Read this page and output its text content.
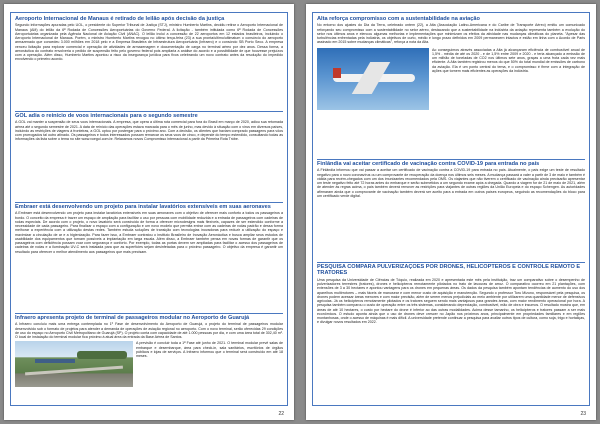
Aeroporto Internacional de Manaus é retirado de leilão após decisão da justiça

Segundo informações apuradas pelo UOL, o presidente do Superior Tribunal de Justiça (STJ), ministro Humberto Martins, decidiu retirar o Aeroporto Internacional de Manaus (AM) do leilão da 6ª Rodada de Concessões Aeroportuárias do Governo Federal. A licitação - também intitulada como 6ª Rodada de Concessões Aeroportuárias organizada pela Agência Nacional de Aviação Civil (ANAC). O leilão inclui a concessão de 22 aeroportos em 12 estados brasileiros, incluindo o Aeroporto Internacional de Manaus. Porém, o ministro Humberto Martins revogou no último terça-feira (23) a sua pronta/ultimo/ultimatum o consórcio do aeroporto armazenado que concedeu 3.000 milhões em 2018 pelo e a Empresa Brasileira de Infraestrutura Aeroportuária (Infraero) e o consórcio SB Porto Seco. A empresa venceu licitação para explorar comercial e operação de atividades de armazenagem e documentação de carga no terminal aéreo por dez anos. Dessa forma, a aeronáutica do contrato envolveria o pedido de suspensão feito pelo governo federal pois ampliaria a análise do acordo e a possibilidade de que houvesse prejuízos com a operação. Além disso, Humberto Martins apontou a risco da insegurança jurídica para fixos celebrando um novo contrato antes da resolução do impedido envolvendo o primeiro acordo.

GOL adia o reinício de voos internacionais para o segundo semestre

A GOL vai manter a suspensão de seus voos internacionais. A empresa, que opera a última rota comercial para fora do Brasil em março de 2020, adiou sua retomada aérea até o segundo semestre de 2021. A data de reinício das operações estava marcada para o mês de junho, mas devido à situação com o vírus em diversos países, incluindo as restrições de viagens à fronteiras, a GOL optou por postergar para o próximo ano. Com a decisão, os clientes que haviam comprado passagens para vôos com prorrogados tal outro atinado. Os passageiros e todos interessados possam remarcar os seus voos de cinco, e depende do tempo estendido, consultando todas as informações da lista sobre o tema no site www.voegol.com.br. Relaxamos novos Compromisso internacional a partir da Primeira Rota Tróbe.

Embraer está desenvolvendo um projeto para instalar lavatórios extensíveis em suas aeronaves

A Embraer está desenvolvendo um projeto para instalar lavatórios extensíveis em suas aeronaves com o objetivo de oferecer mais conforto a todos os passageiros a bordo. O conceito da empresa é trazer um espaço de ampliação para facilitar o uso por pessoas com mobilidade reduzida e a entrada de passageiros com cadeiras de rodas especiais. De acordo com o projeto, o novo lavatório será construído de forma a oferecer microdesigns mais flexíveis, capazes de ser estendido conforme a necessidade de cada passageiro. Para finalizar o espaço com a configuração e um novo modelo que permita entrar com as cadeiras de rodas padrão e dessa forma melhorar a experiência com a utilização destas redes. Também estuda soluções de transição com tecnologias inovadoras para reduzir a utilização do espaço e maximizar a circulação de ar e a higienização. Para fazer isso, a Embraer contratou o instituto Brasileiro de Inovação Aeronáutica e busca ampliar seus estudos de usabilidade dos equipamentos que tornam possíveis a implantação em larga escala. Além disso, a Embraer também pensa em novas formas de garantir que os passageiros com deficiência possam voar com segurança e conforto. Por exemplo, todas as portas devem ser ampliadas para facilitar o acesso dos passageiros de cadeiras de rodas e a iluminação UV-C será instalada para que as superfícies sejam desinfetadas para o próximo passageiro. O objetivo da empresa é garantir um resultado para oferecer o melhor atendimento aos passageiros que mais precisam.

Infraero apresenta projeto de terminal de passageiros modular no Aeroporto de Guarujá

A Infraero concluiu mais uma entrega contemplada no 1º Fase de desenvolvimento do Aeroporto de Guarujá, o projeto do terminal de passageiros modular desenvolvido sob o formato de projetos para atender a demanda de operações de aviação regional no aeroporto. Com o novo terminal, serão oferecidas 29 condições de uso do espaço no Aeroporto Civil Metropolitano de Guarujá (SP). O projeto conta com capacidade de até 1.000 pessoas por dia, e com uma área total de 302,40 m². O local de instalação do terminal modular fica próximo à atual área da entrada da Base Aérea de Santos.

A previsão é concluir toda a 1ª Fase até junho de 2021. O terminal modular prevê salas de embarque e desembarque, área para check-in, sala sanitários, escritórios de órgãos públicos e lojas de serviços. A Infraero informou que o terminal será construído em até 18 meses.

22

Alta reforça compromisso com a sustentabilidade na aviação

No entorno dos ajustes do Dia da Terra, celebrado ontem (22), a Alta (Associação Latino-Americana e do Caribe de Transporte Aéreo) emitiu um comunicado reforçando seu compromisso com a sustentabilidade no setor aéreo, destacando que a sustentabilidade na indústria da aviação representa também a evolução do setor nos últimos anos e elencou algumas melhorias e implementações que minimizam os efeitos da atividade nas mudanças climáticas do planeta. "Apesar das turbulências enfrentadas pela indústria, os objetivos de curto, médio e longo prazo definidos em 2009 permanecem intactos e estão em linha com o Acordo de Paris assinado em 2015 sobre mudanças climáticas", reforça a nota da Alta.

Ao conseguimos através associadas a Alta já alcançaram eficiência de combustível anual de 1,5% - média de até os 2020 - e de 1,5% entre 2009 e 2020 - e teria alcançado a emissão de um milhão de toneladas de CO2 nos últimos sete anos, graças a uma frota cada vez mais eficiente. A Alta também registrou menos do que 50% do total mundial de emissões de carbono da aviação. Ela é um ponto central do tema, e o compromisso é firme com a integração de ações que tornem mais eficientes as operações da indústria.

Finlândia vai aceitar certificado de vacinação contra COVID-19 para entrada no país

A Finlândia informou que vai passar a aceitar um certificado de vacinação contra a COVID-19 para entrada no país. Atualmente, o país exige um teste de resultado negativo para o novo coronavírus ou um comprovante de recuperação da doença nos últimos seis meses. A mudança passará a valer a partir de 3 de maio e também é válida para recém-chegados com um dos imunizantes recomendados pela OMS. Os viajantes que não tiverem o certificado de vacinação ainda precisarão apresentar um teste negativo feito até 72 horas antes do embarque e serão submetidos a um segundo exame após a chegada. Quando a viagem for de 21 de maio de 2021, além de atender às regras acima, o país também deverá remover as restrições para viajantes de outras regiões da União Europeia e do espaço Schengen. As autoridades afirmaram ainda que o comprovante de vacinação também deverá ser aceito para a entrada em outros países europeus, seguindo as recomendações do bloco para um certificado verde digital.

PESQUISA COMPARA PULVERIZAÇÕES POR DRONES, HELICÓPTEROS E CONTROLE REMOTO E TRATORES

Uma pesquisa da Universidade de Ciências de Tóquio, realizada em 2020 e apresentada este mês pela instituição, traz um comparativo sobre o desempenho de pulverizadores terrestres (tratores), drones e helicópteros remotamente pilotados no trato de lavouras de arroz. O comparativo ocorreu em 21 plantações, com extensões de 3 a 30 hectares e apontou vantagens para os drones em pequenas áreas. Os dados da pesquisa também apontam tendências de aumento do uso dos aparelhos multirrotores – mais fáceis de manusear e com menor custo de aquisição e manutenção. Segundo o professor Toru Mizuno, responsável pela pesquisa, os drones podem acessar áreas menores e com maior precisão, além de serem menos prejudiciais ao meio ambiente por utilizarem uma quantidade menor de defensivos agrícolas. Já os helicópteros remotamente pilotados e os tratores seguem sendo mais vantajosos para grandes áreas, com maior rendimento operacional por hora. A pesquisa também comparou o custo de operação entre os três sistemas, considerando depreciação, combustível, mão de obra e insumos. O resultado mostra que, em áreas de até 10 hectares, o custo por hectare do drone é inferior ao das outras modalidades. Acima desse tamanho, os helicópteros e tratores passam a ser mais econômicos. O estudo aponta ainda que o uso de drones deve crescer no Japão nos próximos anos, principalmente em propriedades familiares e em regiões montanhosas, onde o acesso de máquinas é mais difícil. A universidade pretende continuar a pesquisa para avaliar outros tipos de cultura, como soja, trigo e hortaliças, e divulgar novos resultados em 2022.

23
